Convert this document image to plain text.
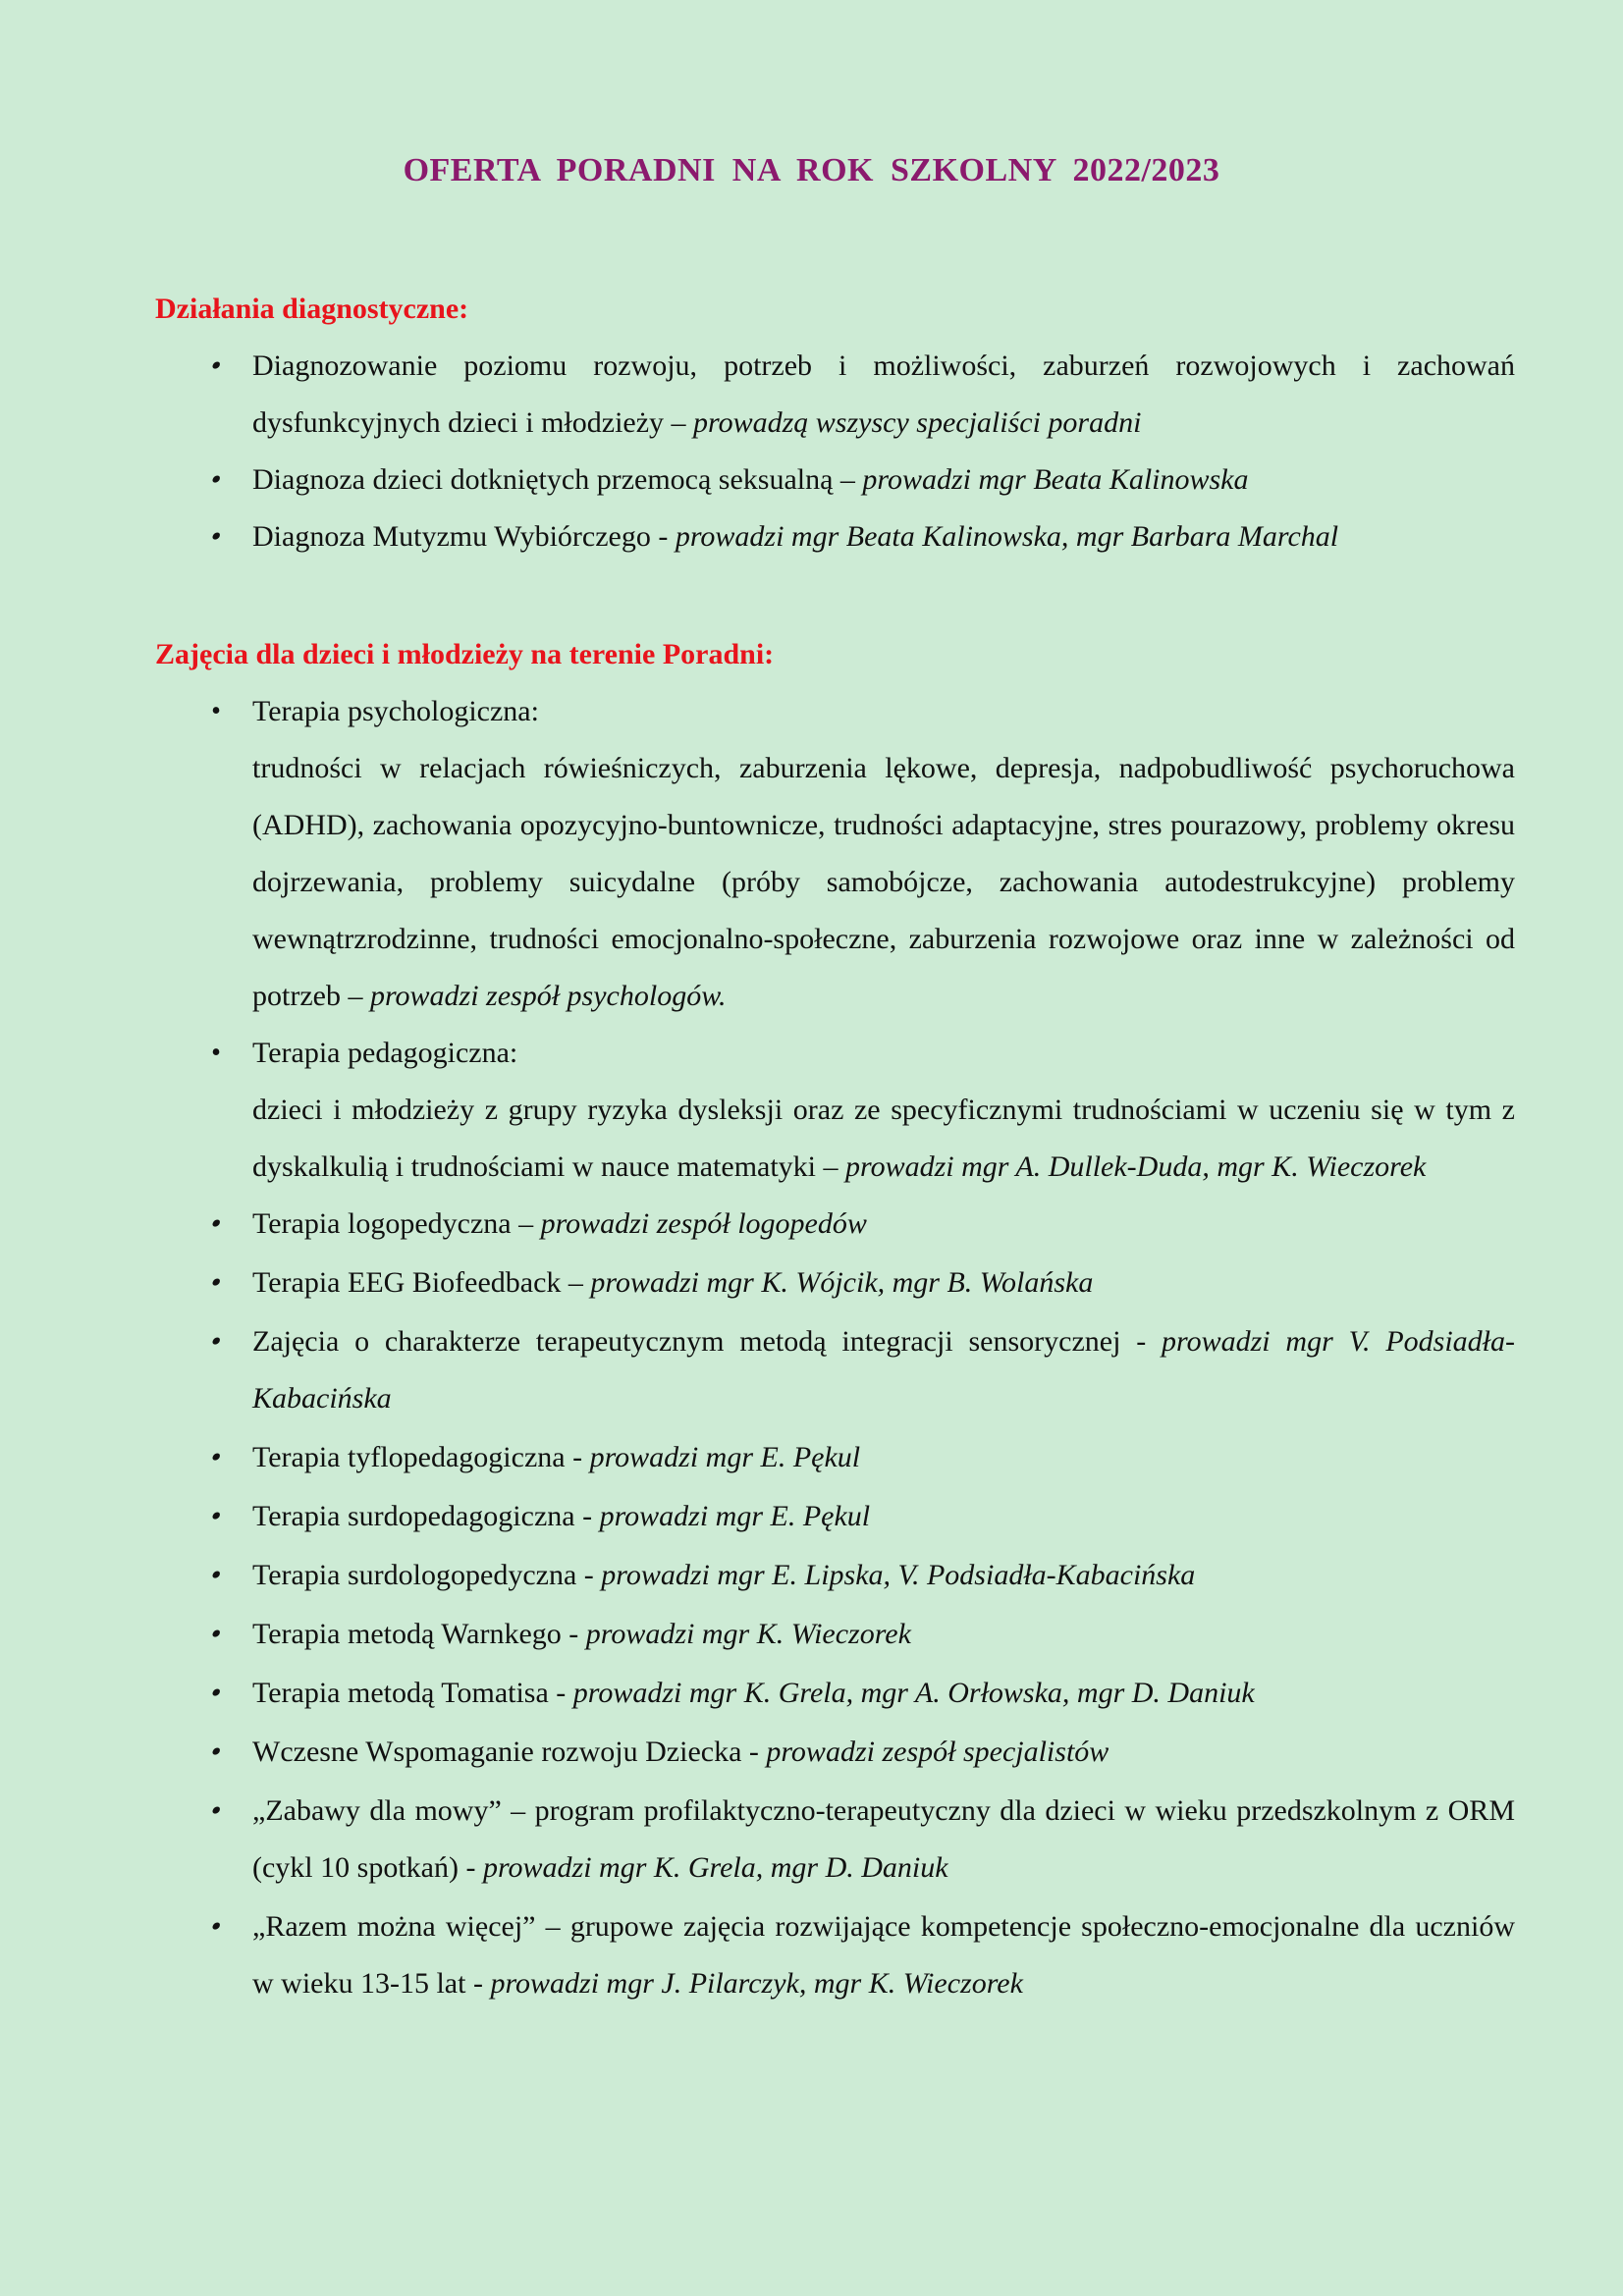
OFERTA PORADNI NA ROK SZKOLNY 2022/2023

Działania diagnostyczne:

• Diagnozowanie poziomu rozwoju, potrzeb i możliwości, zaburzeń rozwojowych i zachowań dysfunkcyjnych dzieci i młodzieży – prowadzą wszyscy specjaliści poradni
• Diagnoza dzieci dotkniętych przemocą seksualną – prowadzi mgr Beata Kalinowska
• Diagnoza Mutyzmu Wybiórczego - prowadzi mgr Beata Kalinowska, mgr Barbara Marchal

Zajęcia dla dzieci i młodzieży na terenie Poradni:

• Terapia psychologiczna:
trudności w relacjach rówieśniczych, zaburzenia lękowe, depresja, nadpobudliwość psychoruchowa (ADHD), zachowania opozycyjno-buntownicze, trudności adaptacyjne, stres pourazowy, problemy okresu dojrzewania, problemy suicydalne (próby samobójcze, zachowania autodestrukcyjne) problemy wewnątrzrodzinne, trudności emocjonalno-społeczne, zaburzenia rozwojowe oraz inne w zależności od potrzeb – prowadzi zespół psychologów.
• Terapia pedagogiczna:
dzieci i młodzieży z grupy ryzyka dysleksji oraz ze specyficznymi trudnościami w uczeniu się w tym z dyskalkulią i trudnościami w nauce matematyki – prowadzi mgr A. Dullek-Duda, mgr K. Wieczorek
• Terapia logopedyczna – prowadzi zespół logopedów
• Terapia EEG Biofeedback – prowadzi mgr K. Wójcik, mgr B. Wolańska
• Zajęcia o charakterze terapeutycznym metodą integracji sensorycznej - prowadzi mgr V. Podsiadła-Kabacińska
• Terapia tyflopedagogiczna - prowadzi mgr E. Pękul
• Terapia surdopedagogiczna - prowadzi mgr E. Pękul
• Terapia surdologopedyczna - prowadzi mgr E. Lipska, V. Podsiadła-Kabacińska
• Terapia metodą Warnkego - prowadzi mgr K. Wieczorek
• Terapia metodą Tomatisa - prowadzi mgr K. Grela, mgr A. Orłowska, mgr D. Daniuk
• Wczesne Wspomaganie rozwoju Dziecka - prowadzi zespół specjalistów
• „Zabawy dla mowy” – program profilaktyczno-terapeutyczny dla dzieci w wieku przedszkolnym z ORM (cykl 10 spotkań) - prowadzi mgr K. Grela, mgr D. Daniuk
• „Razem można więcej” – grupowe zajęcia rozwijające kompetencje społeczno-emocjonalne dla uczniów w wieku 13-15 lat - prowadzi mgr J. Pilarczyk, mgr K. Wieczorek
